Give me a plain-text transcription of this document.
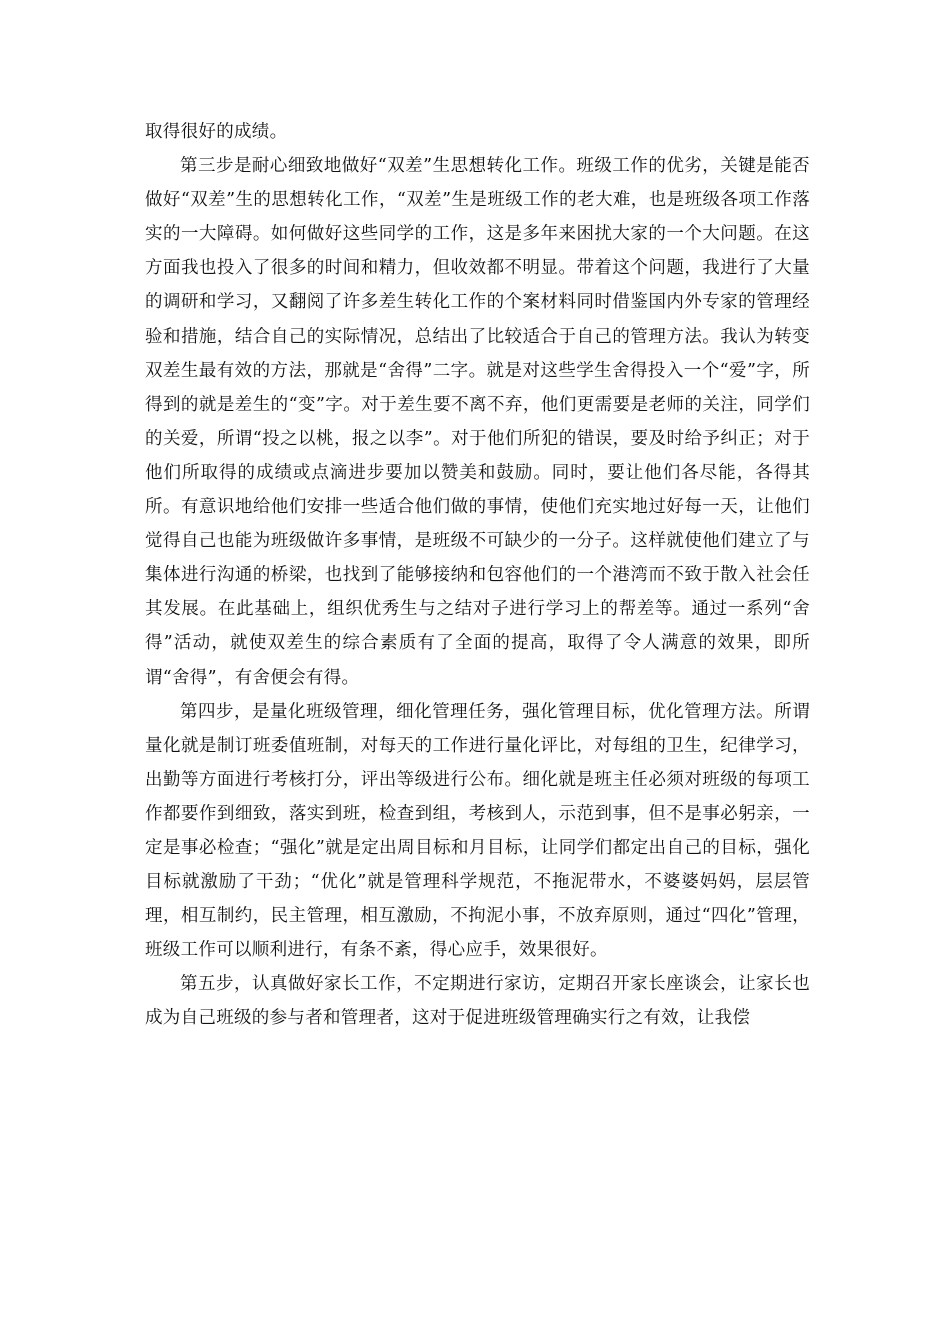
取得很好的成绩。

第三步是耐心细致地做好“双差”生思想转化工作。班级工作的优劣，关键是能否做好“双差”生的思想转化工作，“双差”生是班级工作的老大难，也是班级各项工作落实的一大障碍。如何做好这些同学的工作，这是多年来困扰大家的一个大问题。在这方面我也投入了很多的时间和精力，但收效都不明显。带着这个问题，我进行了大量的调研和学习，又翻阅了许多差生转化工作的个案材料同时借鉴国内外专家的管理经验和措施，结合自己的实际情况，总结出了比较适合于自己的管理方法。我认为转变双差生最有效的方法，那就是“舍得”二字。就是对这些学生舍得投入一个“爱”字，所得到的就是差生的“变”字。对于差生要不离不弃，他们更需要是老师的关注，同学们的关爱，所谓“投之以桃，报之以李”。对于他们所犯的错误，要及时给予纠正；对于他们所取得的成绩或点滴进步要加以赞美和鼓励。同时，要让他们各尽能，各得其所。有意识地给他们安排一些适合他们做的事情，使他们充实地过好每一天，让他们觉得自己也能为班级做许多事情，是班级不可缺少的一分子。这样就使他们建立了与集体进行沟通的桥梁，也找到了能够接纳和包容他们的一个港湾而不致于散入社会任其发展。在此基础上，组织优秀生与之结对子进行学习上的帮差等。通过一系列“舍得”活动，就使双差生的综合素质有了全面的提高，取得了令人满意的效果，即所谓“舍得”，有舍便会有得。

第四步，是量化班级管理，细化管理任务，强化管理目标，优化管理方法。所谓量化就是制订班委值班制，对每天的工作进行量化评比，对每组的卫生，纪律学习，出勤等方面进行考核打分，评出等级进行公布。细化就是班主任必须对班级的每项工作都要作到细致，落实到班，检查到组，考核到人，示范到事，但不是事必躬亲，一定是事必检查；“强化”就是定出周目标和月目标，让同学们都定出自己的目标，强化目标就激励了干劲；“优化”就是管理科学规范，不拖泥带水，不婆婆妈妈，层层管理，相互制约，民主管理，相互激励，不拘泥小事，不放弃原则，通过“四化”管理，班级工作可以顺利进行，有条不紊，得心应手，效果很好。

第五步，认真做好家长工作，不定期进行家访，定期召开家长座谈会，让家长也成为自己班级的参与者和管理者，这对于促进班级管理确实行之有效，让我偿
